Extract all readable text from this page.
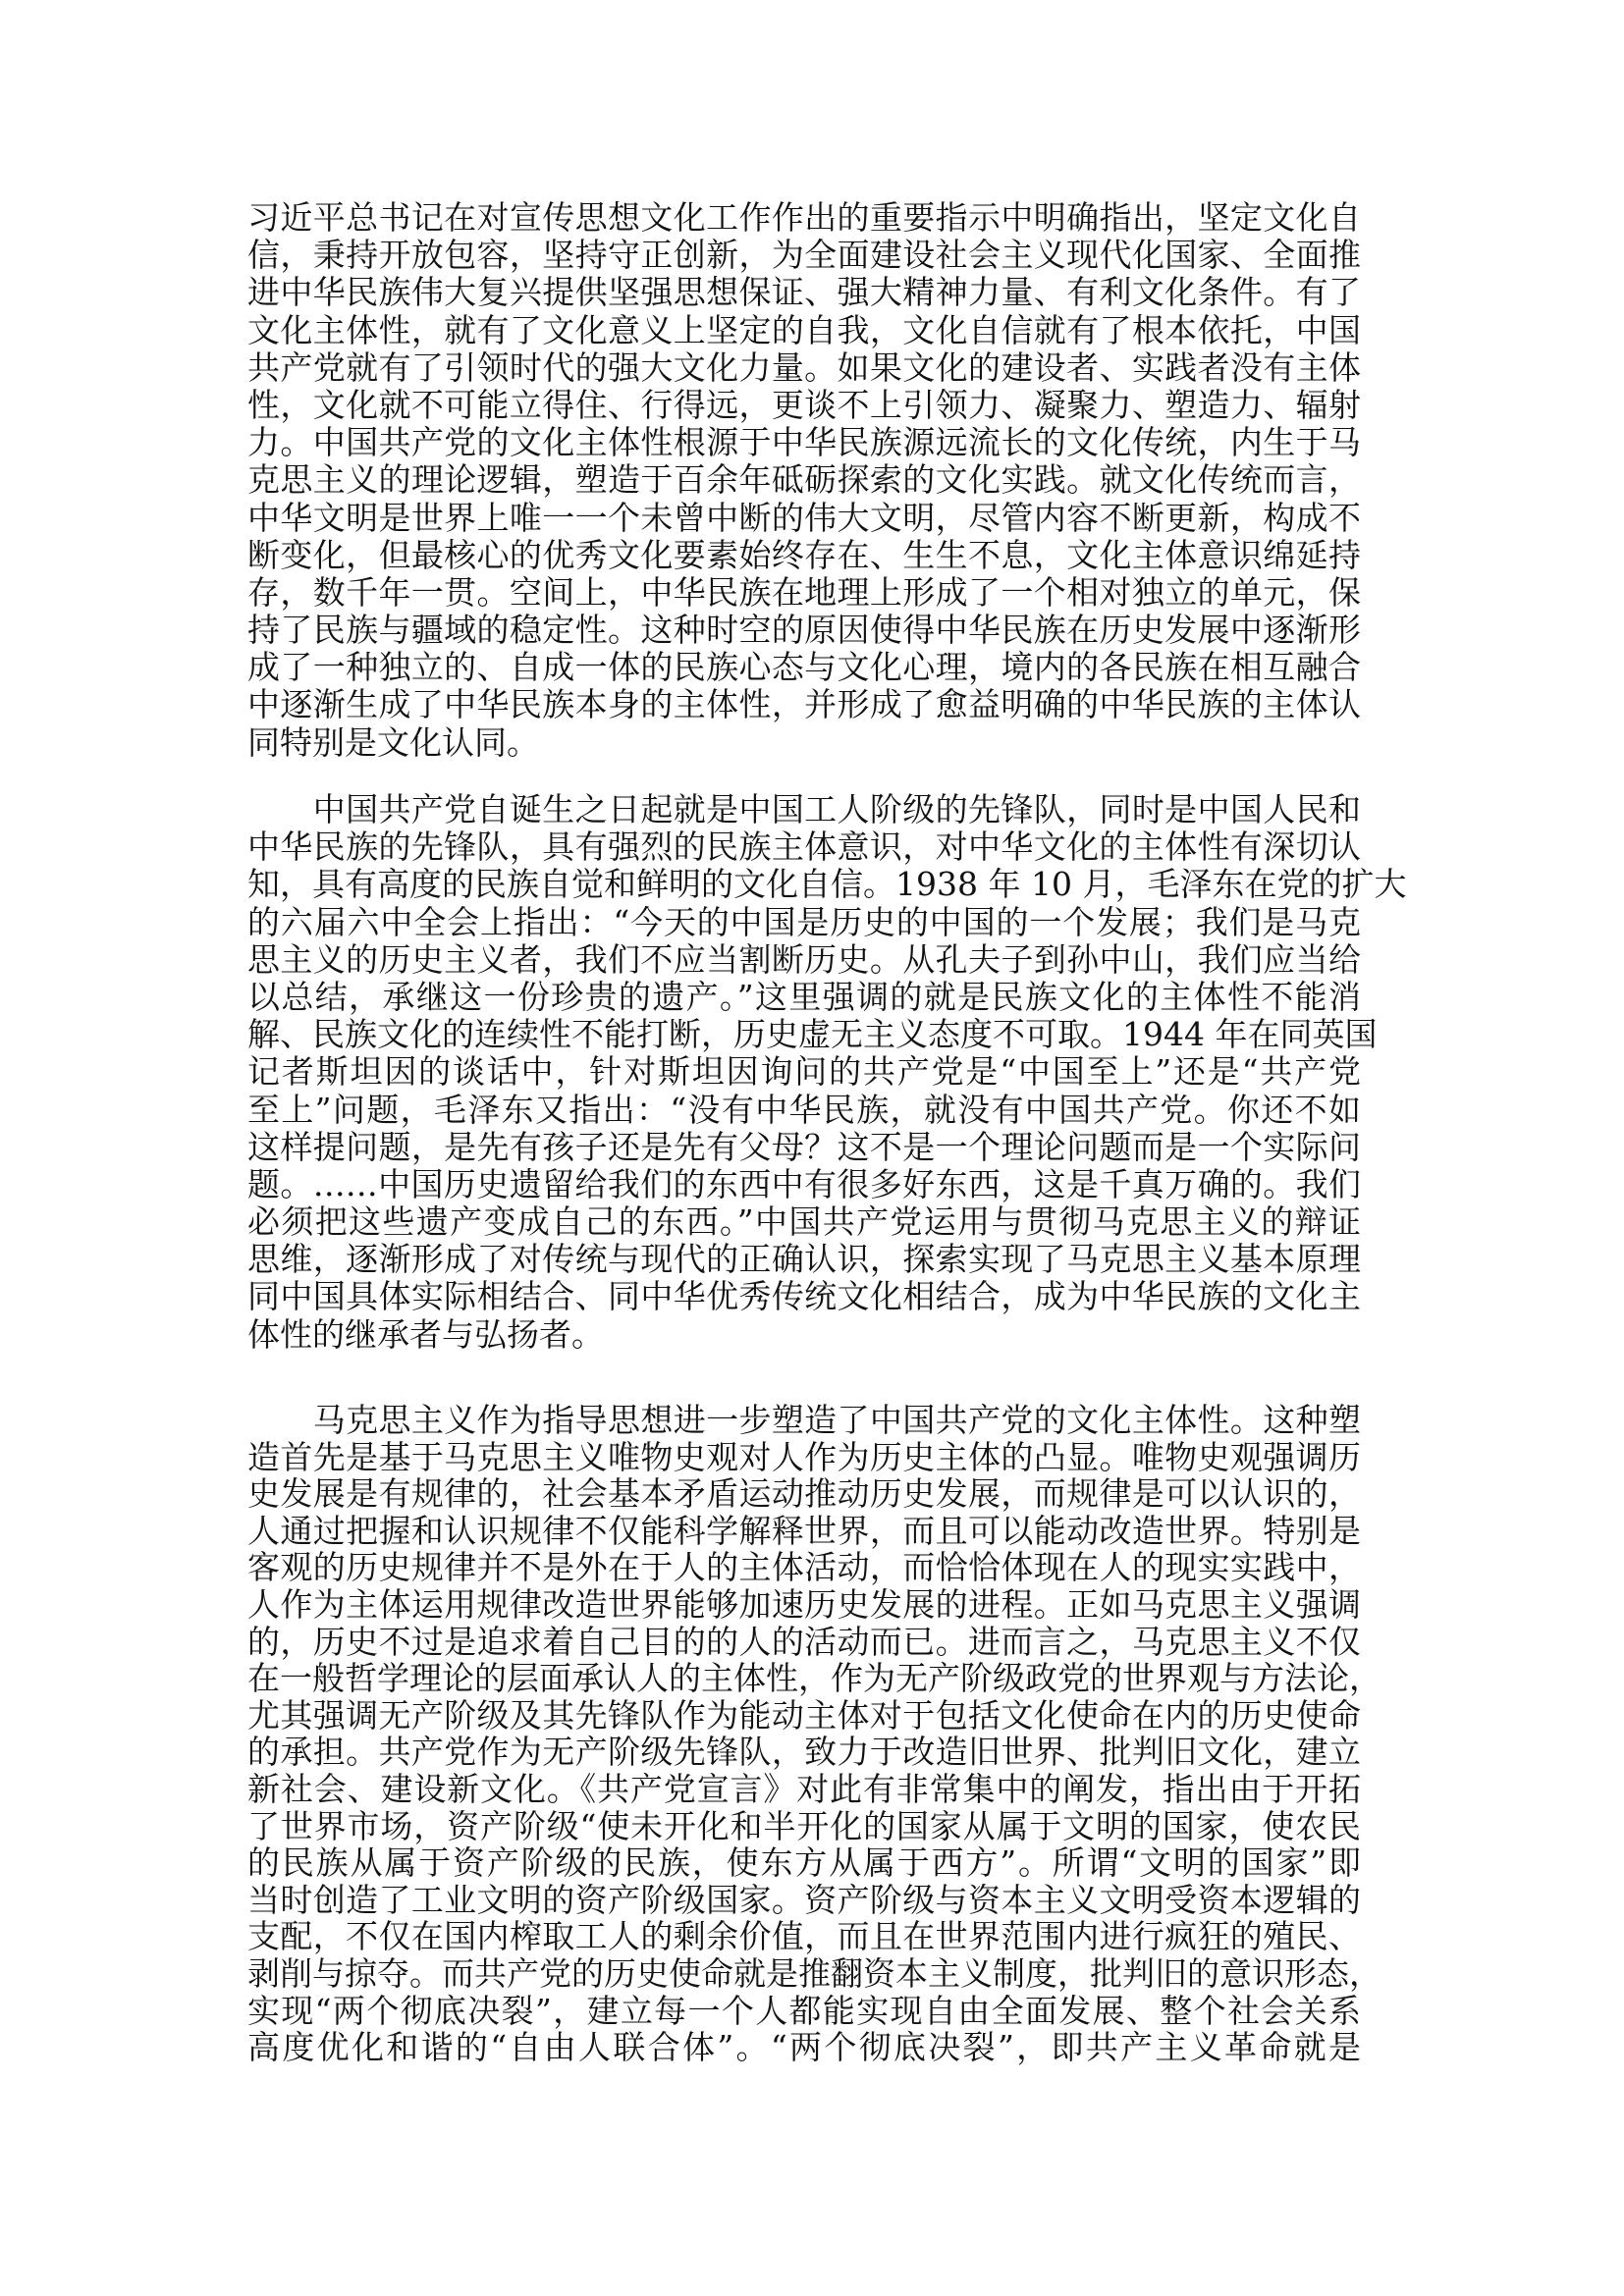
习近平总书记在对宣传思想文化工作作出的重要指示中明确指出，坚定文化自
信，秉持开放包容，坚持守正创新，为全面建设社会主义现代化国家、全面推
进中华民族伟大复兴提供坚强思想保证、强大精神力量、有利文化条件。有了
文化主体性，就有了文化意义上坚定的自我，文化自信就有了根本依托，中国
共产党就有了引领时代的强大文化力量。如果文化的建设者、实践者没有主体
性，文化就不可能立得住、行得远，更谈不上引领力、凝聚力、塑造力、辐射
力。中国共产党的文化主体性根源于中华民族源远流长的文化传统，内生于马
克思主义的理论逻辑，塑造于百余年砥砺探索的文化实践。就文化传统而言，
中华文明是世界上唯一一个未曾中断的伟大文明，尽管内容不断更新，构成不
断变化，但最核心的优秀文化要素始终存在、生生不息，文化主体意识绵延持
存，数千年一贯。空间上，中华民族在地理上形成了一个相对独立的单元，保
持了民族与疆域的稳定性。这种时空的原因使得中华民族在历史发展中逐渐形
成了一种独立的、自成一体的民族心态与文化心理，境内的各民族在相互融合
中逐渐生成了中华民族本身的主体性，并形成了愈益明确的中华民族的主体认
同特别是文化认同。
　　中国共产党自诞生之日起就是中国工人阶级的先锋队，同时是中国人民和
中华民族的先锋队，具有强烈的民族主体意识，对中华文化的主体性有深切认
知，具有高度的民族自觉和鲜明的文化自信。1938 年 10 月，毛泽东在党的扩大
的六届六中全会上指出：“今天的中国是历史的中国的一个发展；我们是马克
思主义的历史主义者，我们不应当割断历史。从孔夫子到孙中山，我们应当给
以总结，承继这一份珍贵的遗产。”这里强调的就是民族文化的主体性不能消
解、民族文化的连续性不能打断，历史虚无主义态度不可取。1944 年在同英国
记者斯坦因的谈话中，针对斯坦因询问的共产党是“中国至上”还是“共产党
至上”问题，毛泽东又指出：“没有中华民族，就没有中国共产党。你还不如
这样提问题，是先有孩子还是先有父母？这不是一个理论问题而是一个实际问
题。……中国历史遗留给我们的东西中有很多好东西，这是千真万确的。我们
必须把这些遗产变成自己的东西。”中国共产党运用与贯彻马克思主义的辩证
思维，逐渐形成了对传统与现代的正确认识，探索实现了马克思主义基本原理
同中国具体实际相结合、同中华优秀传统文化相结合，成为中华民族的文化主
体性的继承者与弘扬者。
　　马克思主义作为指导思想进一步塑造了中国共产党的文化主体性。这种塑
造首先是基于马克思主义唯物史观对人作为历史主体的凸显。唯物史观强调历
史发展是有规律的，社会基本矛盾运动推动历史发展，而规律是可以认识的，
人通过把握和认识规律不仅能科学解释世界，而且可以能动改造世界。特别是
客观的历史规律并不是外在于人的主体活动，而恰恰体现在人的现实实践中，
人作为主体运用规律改造世界能够加速历史发展的进程。正如马克思主义强调
的，历史不过是追求着自己目的的人的活动而已。进而言之，马克思主义不仅
在一般哲学理论的层面承认人的主体性，作为无产阶级政党的世界观与方法论，
尤其强调无产阶级及其先锋队作为能动主体对于包括文化使命在内的历史使命
的承担。共产党作为无产阶级先锋队，致力于改造旧世界、批判旧文化，建立
新社会、建设新文化。《共产党宣言》对此有非常集中的阐发，指出由于开拓
了世界市场，资产阶级“使未开化和半开化的国家从属于文明的国家，使农民
的民族从属于资产阶级的民族，使东方从属于西方”。所谓“文明的国家”即
当时创造了工业文明的资产阶级国家。资产阶级与资本主义文明受资本逻辑的
支配，不仅在国内榨取工人的剩余价值，而且在世界范围内进行疯狂的殖民、
剥削与掠夺。而共产党的历史使命就是推翻资本主义制度，批判旧的意识形态，
实现“两个彻底决裂”，建立每一个人都能实现自由全面发展、整个社会关系
高度优化和谐的“自由人联合体”。“两个彻底决裂”，即共产主义革命就是
